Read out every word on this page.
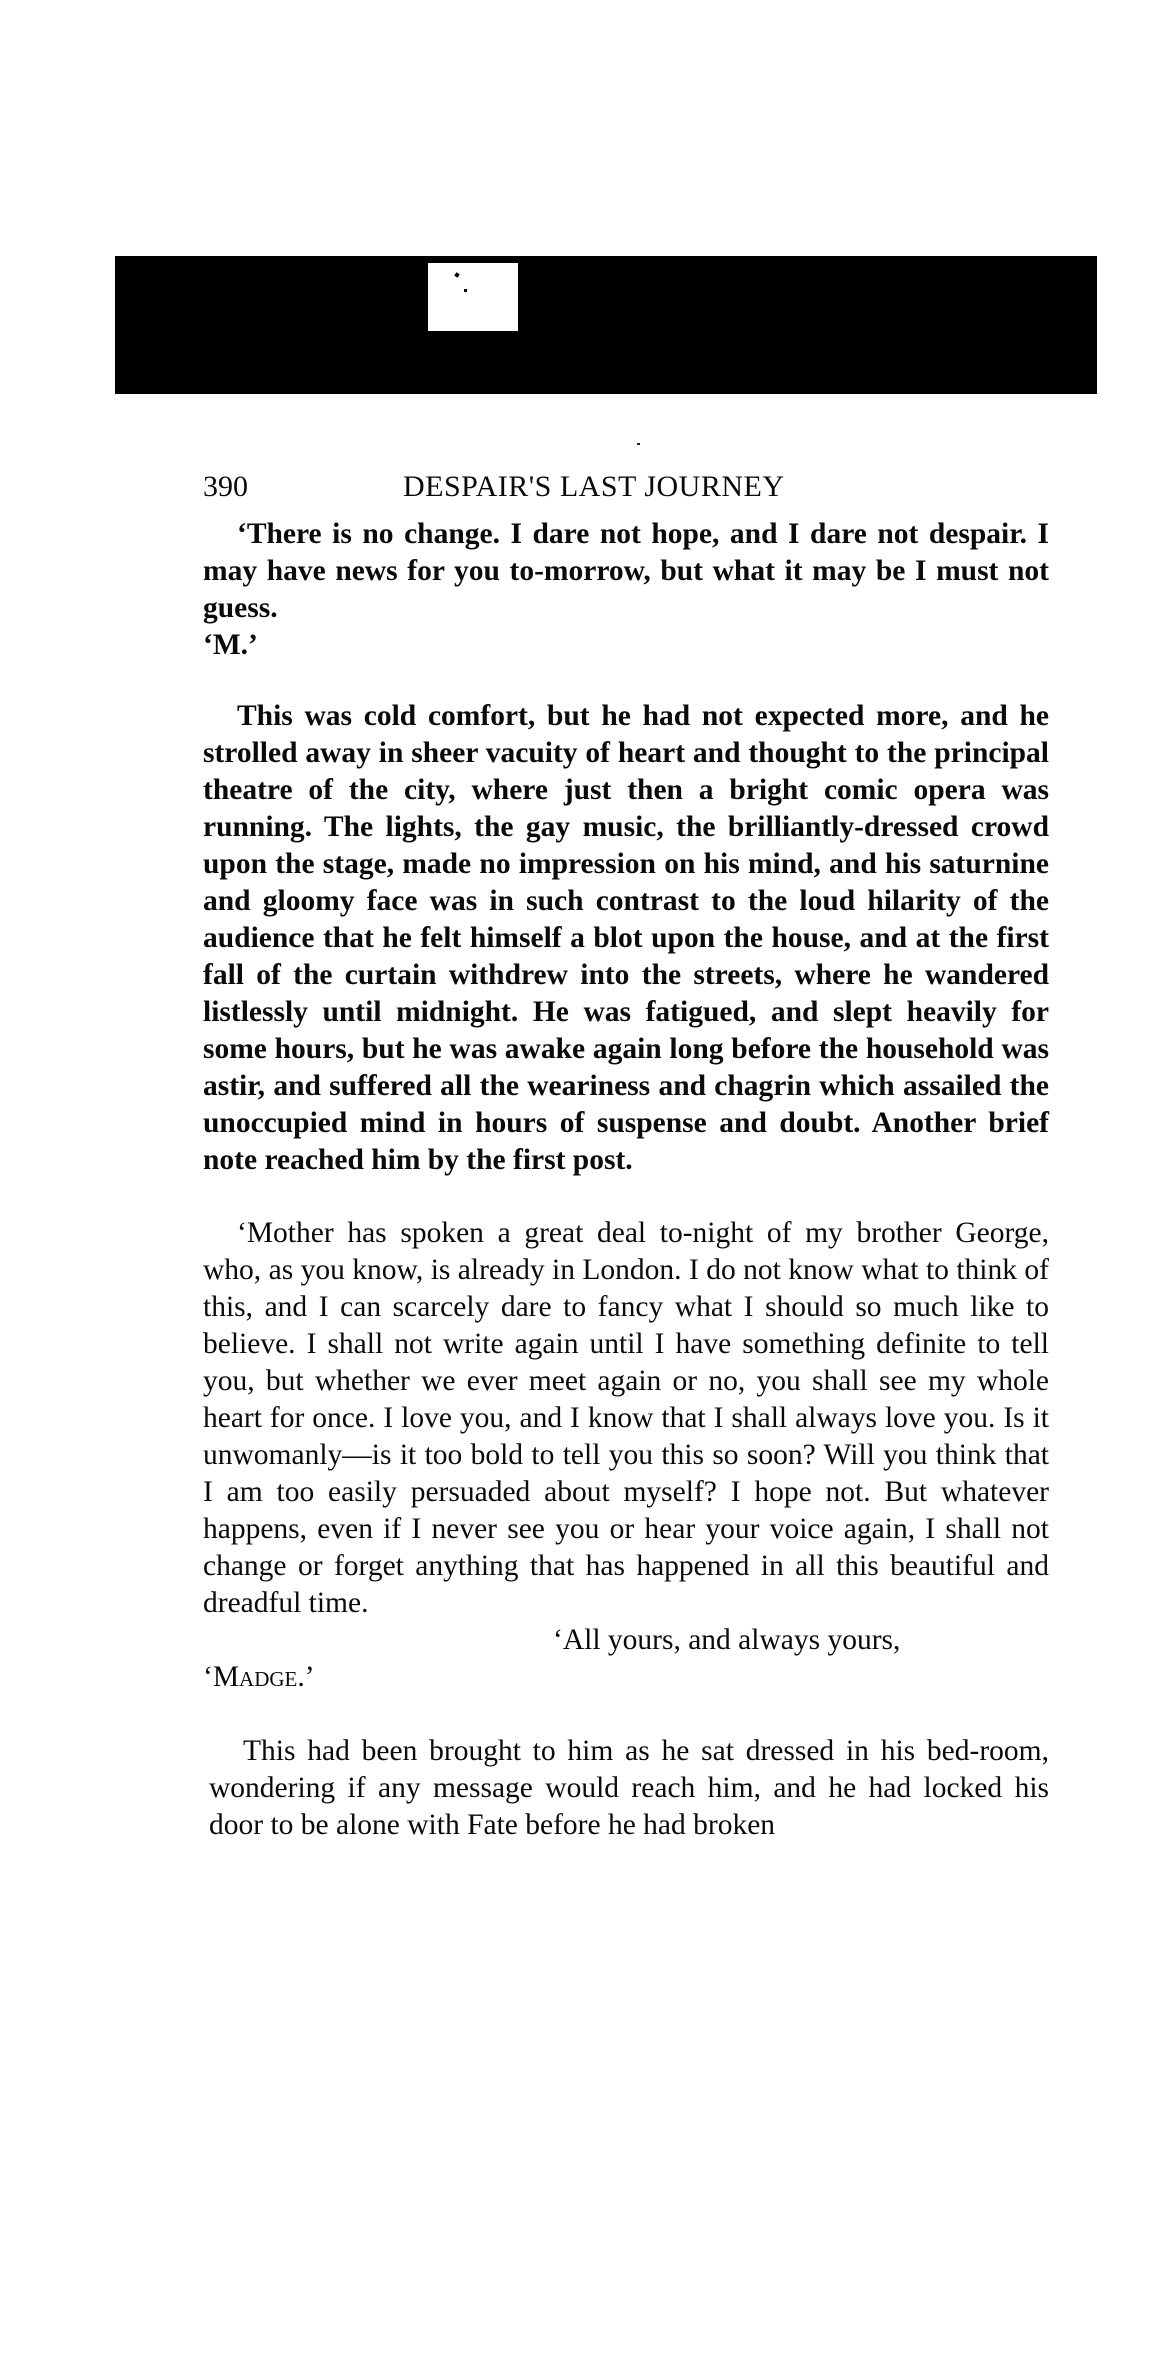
390	DESPAIR'S LAST JOURNEY

‘There is no change. I dare not hope, and I dare not despair. I may have news for you to-morrow, but what it may be I must not guess.

‘M.’

This was cold comfort, but he had not expected more, and he strolled away in sheer vacuity of heart and thought to the principal theatre of the city, where just then a bright comic opera was running. The lights, the gay music, the brilliantly-dressed crowd upon the stage, made no impression on his mind, and his saturnine and gloomy face was in such contrast to the loud hilarity of the audience that he felt himself a blot upon the house, and at the first fall of the curtain withdrew into the streets, where he wandered listlessly until midnight. He was fatigued, and slept heavily for some hours, but he was awake again long before the household was astir, and suffered all the weariness and chagrin which assailed the unoccupied mind in hours of suspense and doubt. Another brief note reached him by the first post.

‘Mother has spoken a great deal to-night of my brother George, who, as you know, is already in London. I do not know what to think of this, and I can scarcely dare to fancy what I should so much like to believe. I shall not write again until I have something definite to tell you, but whether we ever meet again or no, you shall see my whole heart for once. I love you, and I know that I shall always love you. Is it unwomanly—is it too bold to tell you this so soon? Will you think that I am too easily persuaded about myself? I hope not. But whatever happens, even if I never see you or hear your voice again, I shall not change or forget anything that has happened in all this beautiful and dreadful time.

‘All yours, and always yours,

‘Madge.’

This had been brought to him as he sat dressed in his bed-room, wondering if any message would reach him, and he had locked his door to be alone with Fate before he had broken
